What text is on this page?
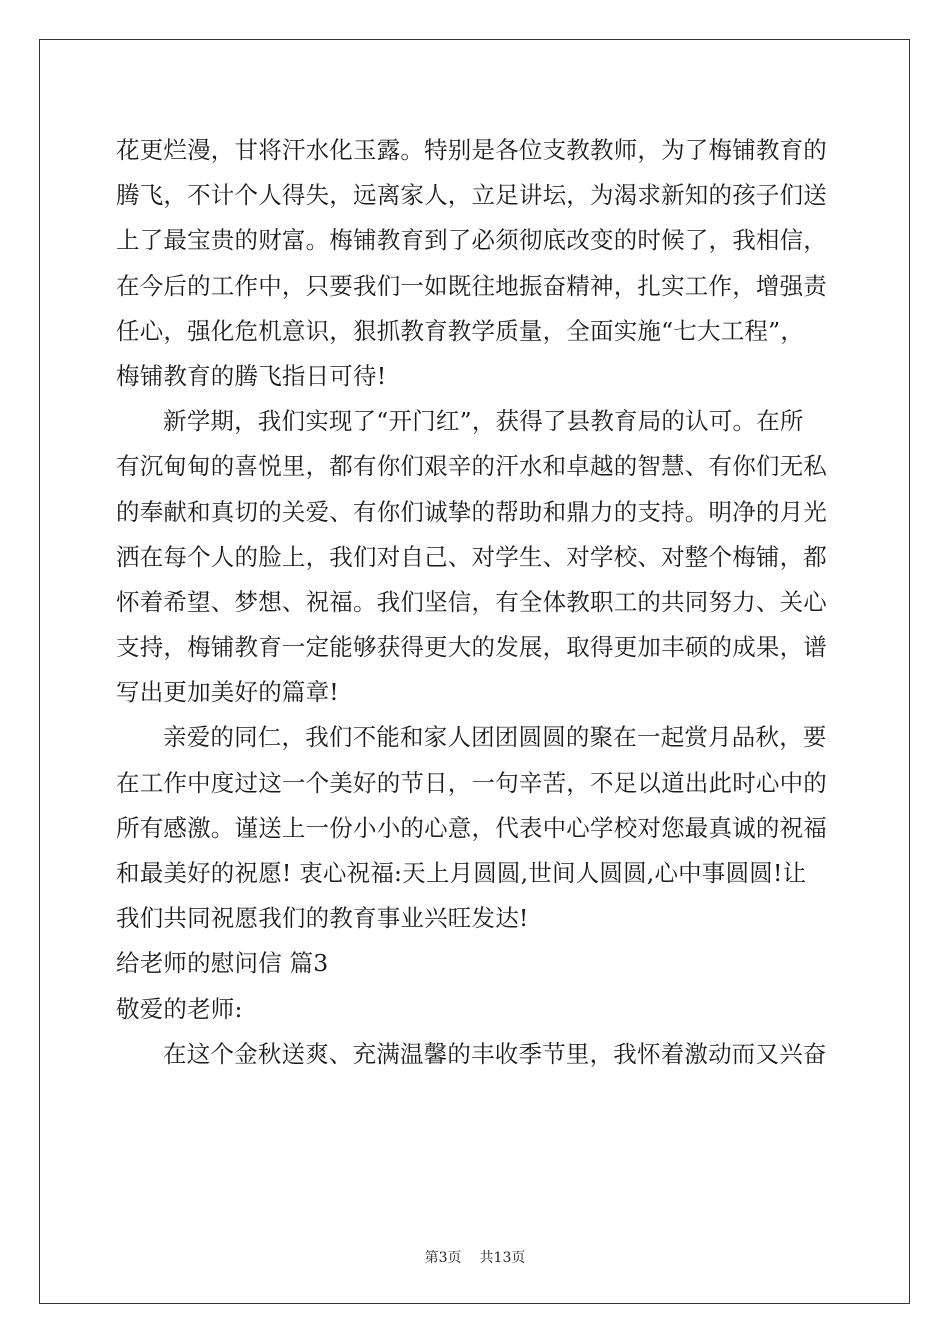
花更烂漫，甘将汗水化玉露。特别是各位支教教师，为了梅铺教育的
腾飞，不计个人得失，远离家人，立足讲坛，为渴求新知的孩子们送
上了最宝贵的财富。梅铺教育到了必须彻底改变的时候了，我相信，
在今后的工作中，只要我们一如既往地振奋精神，扎实工作，增强责
任心，强化危机意识，狠抓教育教学质量，全面实施“七大工程”，
梅铺教育的腾飞指日可待!
新学期，我们实现了“开门红”，获得了县教育局的认可。在所
有沉甸甸的喜悦里，都有你们艰辛的汗水和卓越的智慧、有你们无私
的奉献和真切的关爱、有你们诚挚的帮助和鼎力的支持。明净的月光
洒在每个人的脸上，我们对自己、对学生、对学校、对整个梅铺，都
怀着希望、梦想、祝福。我们坚信，有全体教职工的共同努力、关心
支持，梅铺教育一定能够获得更大的发展，取得更加丰硕的成果，谱
写出更加美好的篇章!
亲爱的同仁，我们不能和家人团团圆圆的聚在一起赏月品秋，要
在工作中度过这一个美好的节日，一句辛苦，不足以道出此时心中的
所有感激。谨送上一份小小的心意，代表中心学校对您最真诚的祝福
和最美好的祝愿! 衷心祝福:天上月圆圆,世间人圆圆,心中事圆圆!让
我们共同祝愿我们的教育事业兴旺发达!
给老师的慰问信 篇3
敬爱的老师:
在这个金秋送爽、充满温馨的丰收季节里，我怀着激动而又兴奋
第3页 共13页
